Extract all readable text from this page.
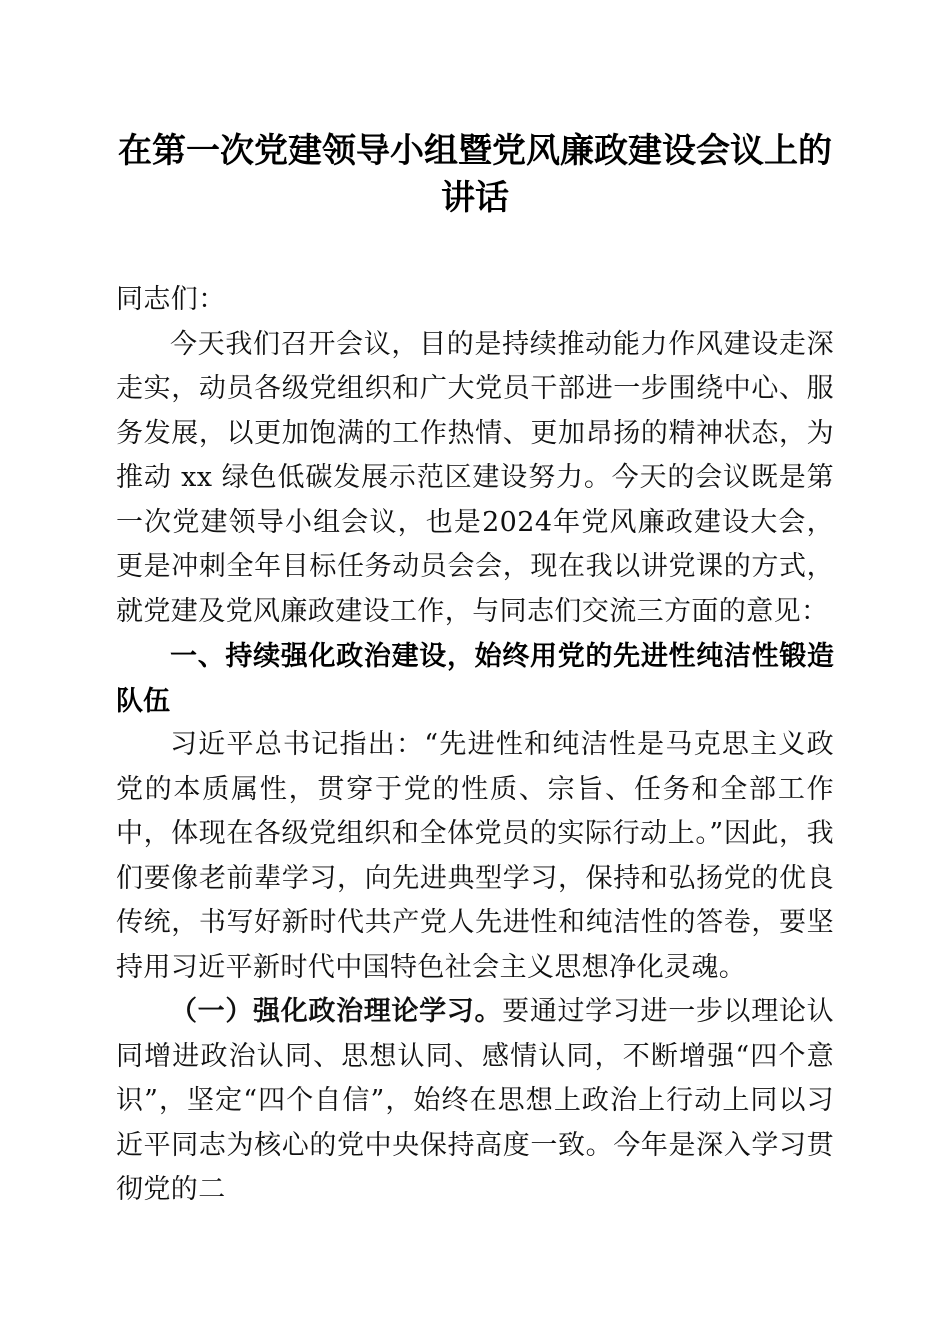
在第一次党建领导小组暨党风廉政建设会议上的讲话

同志们：

今天我们召开会议，目的是持续推动能力作风建设走深走实，动员各级党组织和广大党员干部进一步围绕中心、服务发展，以更加饱满的工作热情、更加昂扬的精神状态，为推动 xx 绿色低碳发展示范区建设努力。今天的会议既是第一次党建领导小组会议，也是2024年党风廉政建设大会，更是冲刺全年目标任务动员会会，现在我以讲党课的方式，就党建及党风廉政建设工作，与同志们交流三方面的意见：

一、持续强化政治建设，始终用党的先进性纯洁性锻造队伍

习近平总书记指出：“先进性和纯洁性是马克思主义政党的本质属性，贯穿于党的性质、宗旨、任务和全部工作中，体现在各级党组织和全体党员的实际行动上。”因此，我们要像老前辈学习，向先进典型学习，保持和弘扬党的优良传统，书写好新时代共产党人先进性和纯洁性的答卷，要坚持用习近平新时代中国特色社会主义思想净化灵魂。

（一）强化政治理论学习。要通过学习进一步以理论认同增进政治认同、思想认同、感情认同，不断增强“四个意识”，坚定“四个自信”，始终在思想上政治上行动上同以习近平同志为核心的党中央保持高度一致。今年是深入学习贯彻党的二
